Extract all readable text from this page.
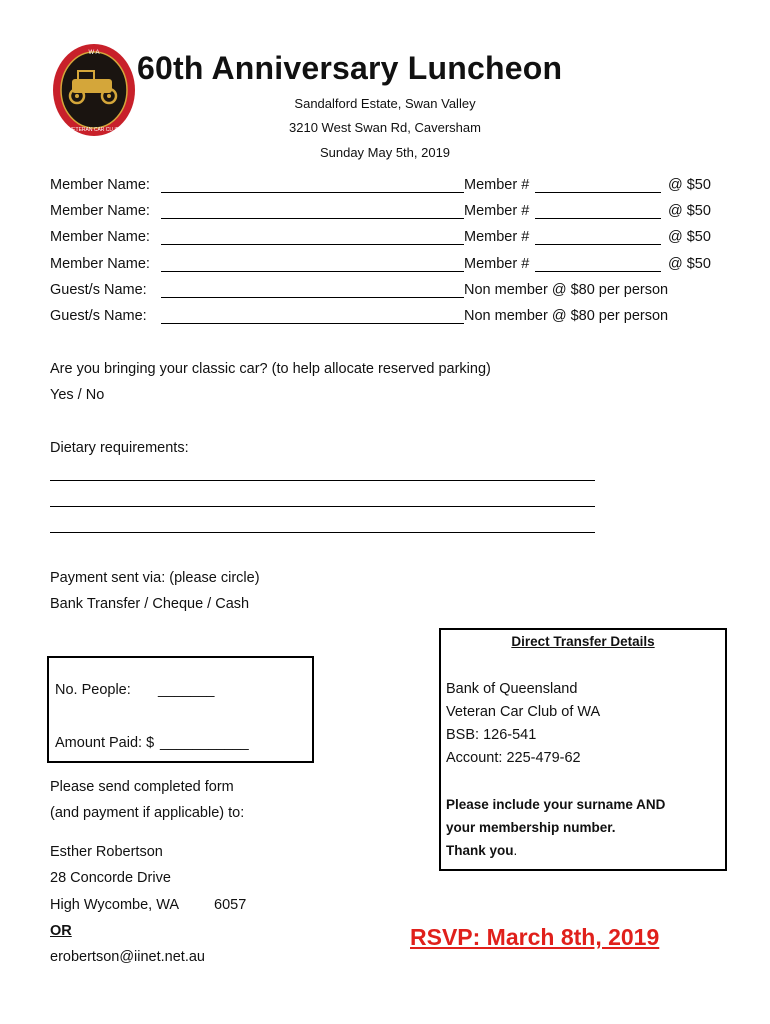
W A
VETERAN CAR CLUB
60th Anniversary Luncheon
Sandalford Estate, Swan Valley
3210 West Swan Rd, Caversham
Sunday May 5th, 2019
Member Name:	Member #	@ $50
Member Name:	Member #	@ $50
Member Name:	Member #	@ $50
Member Name:	Member #	@ $50
Guest/s Name:	Non member @ $80 per person
Guest/s Name:	Non member @ $80 per person
Are you bringing your classic car? (to help allocate reserved parking)
Yes / No
Dietary requirements:
Payment sent via: (please circle)
Bank Transfer / Cheque / Cash
No. People: _______
Amount Paid: $ ___________
Direct Transfer Details
Bank of Queensland
Veteran Car Club of WA
BSB: 126-541
Account: 225-479-62
Please include your surname AND
your membership number.
Thank you.
Please send completed form
(and payment if applicable) to:
Esther Robertson
28 Concorde Drive
High Wycombe, WA 6057
OR
erobertson@iinet.net.au
RSVP: March 8th, 2019
